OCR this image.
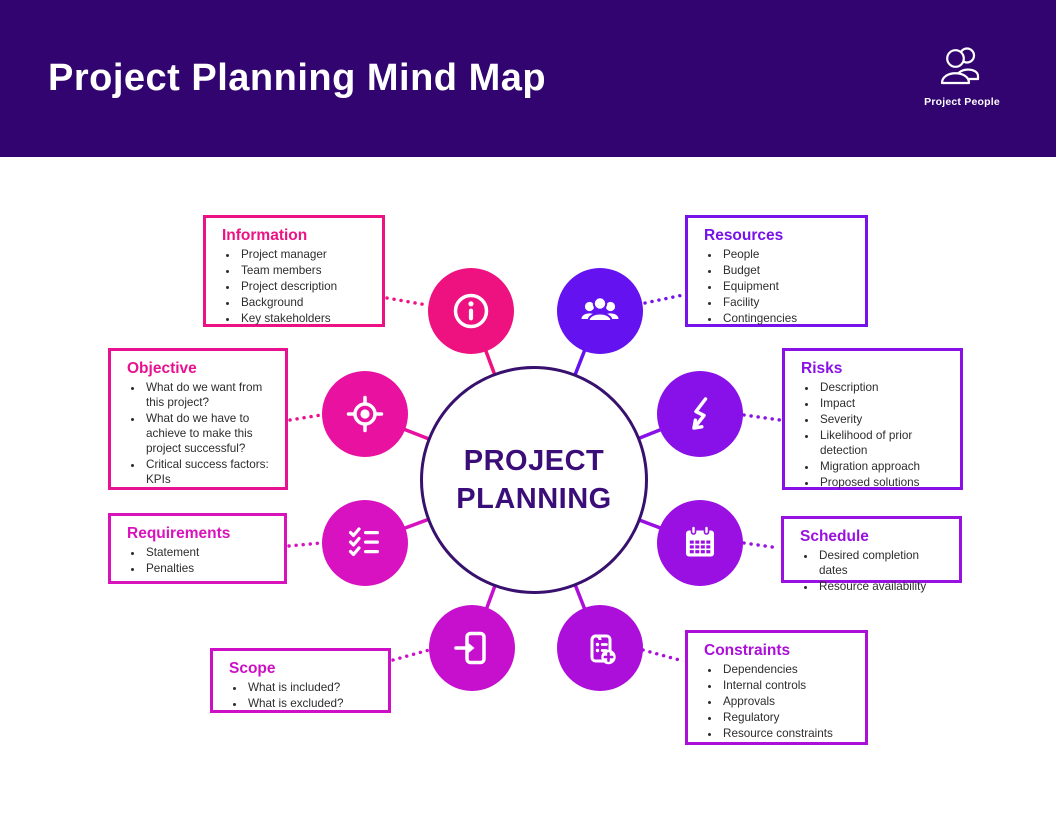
Project Planning Mind Map
Project People
PROJECT PLANNING
Information
• Project manager
• Team members
• Project description
• Background
• Key stakeholders
Resources
• People
• Budget
• Equipment
• Facility
• Contingencies
Objective
• What do we want from this project?
• What do we have to achieve to make this project successful?
• Critical success factors: KPIs
Risks
• Description
• Impact
• Severity
• Likelihood of prior detection
• Migration approach
• Proposed solutions
Requirements
• Statement
• Penalties
Schedule
• Desired completion dates
• Resource availability
Scope
• What is included?
• What is excluded?
Constraints
• Dependencies
• Internal controls
• Approvals
• Regulatory
• Resource constraints
